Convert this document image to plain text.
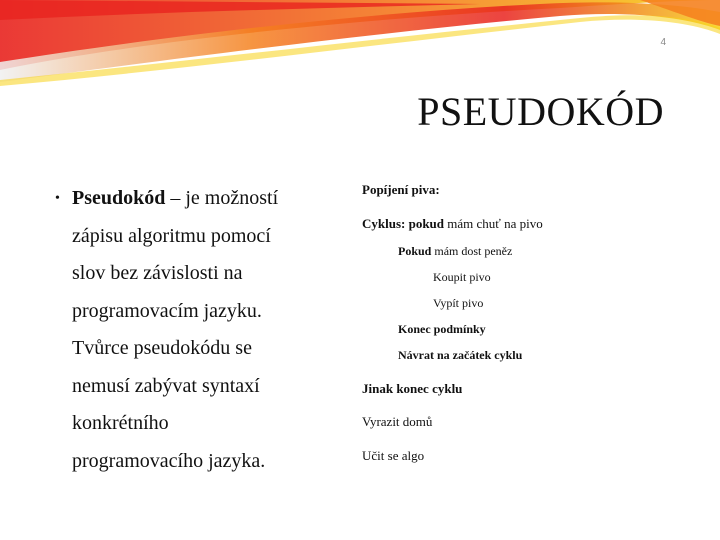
4
PSEUDOKÓD
• Pseudokód – je možností
zápisu algoritmu pomocí
slov bez závislosti na
programovacím jazyku.
Tvůrce pseudokódu se
nemusí zabývat syntaxí
konkrétního
programovacího jazyka.
Popíjení piva:
Cyklus: pokud mám chuť na pivo
Pokud mám dost peněz
Koupit pivo
Vypít pivo
Konec podmínky
Návrat na začátek cyklu
Jinak konec cyklu
Vyrazit domů
Učit se algo
